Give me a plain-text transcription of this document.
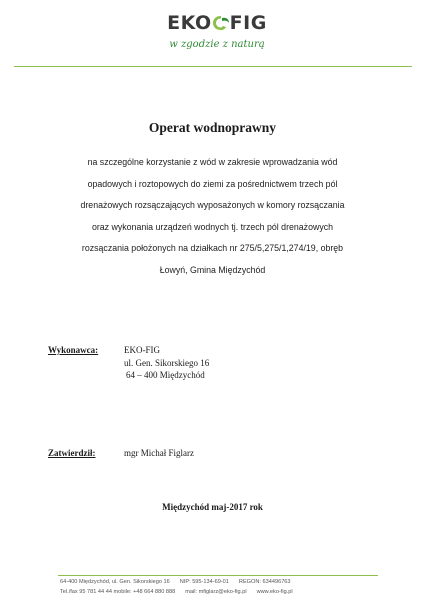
EKO FIG
w zgodzie z naturą
Operat wodnoprawny
na szczególne korzystanie z wód w zakresie wprowadzania wód
opadowych i roztopowych do ziemi za pośrednictwem trzech pól
drenażowych rozsączających wyposażonych w komory rozsączania
oraz wykonania urządzeń wodnych tj. trzech pól drenażowych
rozsączania położonych na działkach nr 275/5,275/1,274/19, obręb
Łowyń, Gmina Międzychód
Wykonawca:	EKO-FIG
ul. Gen. Sikorskiego 16
64 – 400 Międzychód
Zatwierdził:	mgr Michał Figlarz
Międzychód maj-2017 rok
64-400 Międzychód, ul. Gen. Sikorskiego 16 NIP: 595-134-69-01 REGON: 634496763
Tel./fax 95 781 44 44 mobile: +48 664 880 888 mail: mfiglarz@eko-fig.pl www.eko-fig.pl
